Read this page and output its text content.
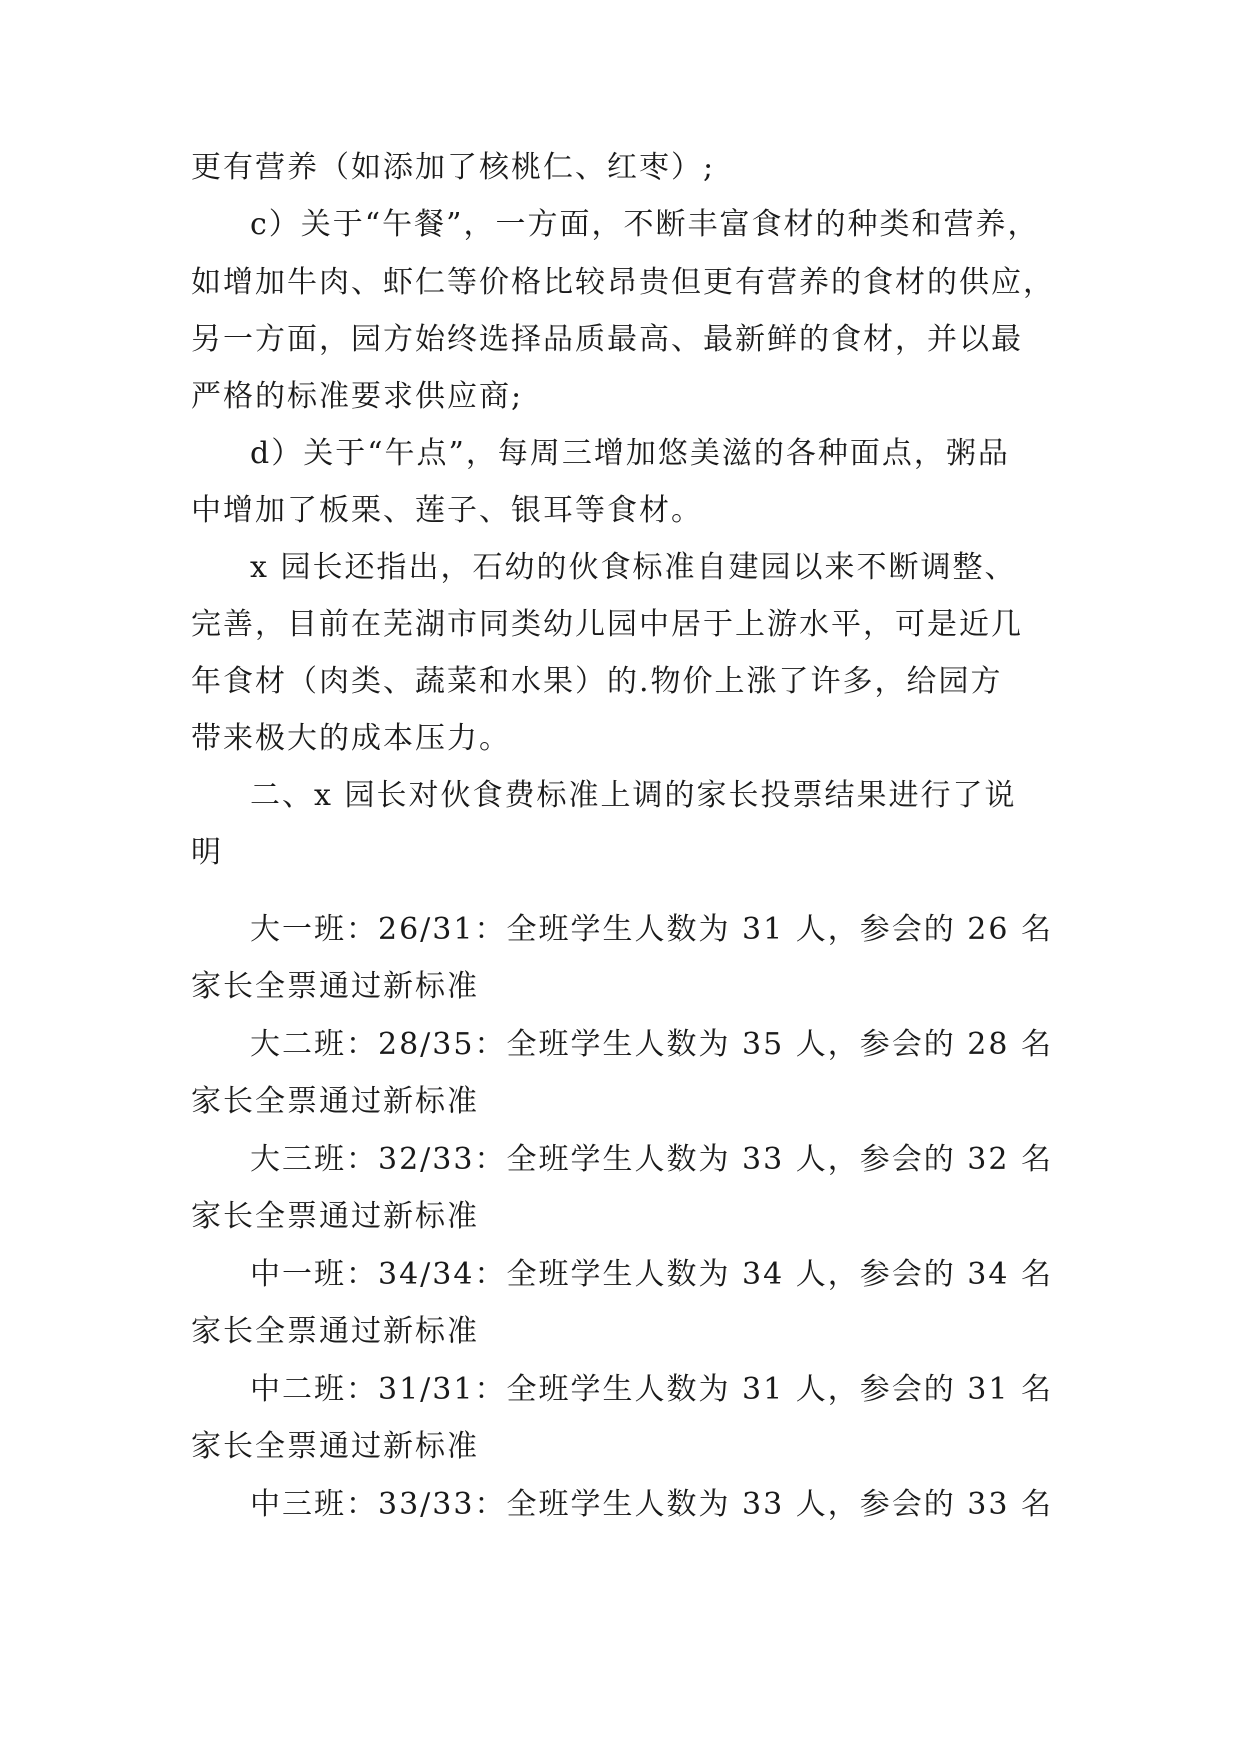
更有营养（如添加了核桃仁、红枣）;
c）关于“午餐”，一方面，不断丰富食材的种类和营养，
如增加牛肉、虾仁等价格比较昂贵但更有营养的食材的供应，
另一方面，园方始终选择品质最高、最新鲜的食材，并以最
严格的标准要求供应商;
d）关于“午点”，每周三增加悠美滋的各种面点，粥品
中增加了板栗、莲子、银耳等食材。
x 园长还指出，石幼的伙食标准自建园以来不断调整、
完善，目前在芜湖市同类幼儿园中居于上游水平，可是近几
年食材（肉类、蔬菜和水果）的.物价上涨了许多，给园方
带来极大的成本压力。
二、x 园长对伙食费标准上调的家长投票结果进行了说
明
大一班：26/31：全班学生人数为 31 人，参会的 26 名
家长全票通过新标准
大二班：28/35：全班学生人数为 35 人，参会的 28 名
家长全票通过新标准
大三班：32/33：全班学生人数为 33 人，参会的 32 名
家长全票通过新标准
中一班：34/34：全班学生人数为 34 人，参会的 34 名
家长全票通过新标准
中二班：31/31：全班学生人数为 31 人，参会的 31 名
家长全票通过新标准
中三班：33/33：全班学生人数为 33 人，参会的 33 名
